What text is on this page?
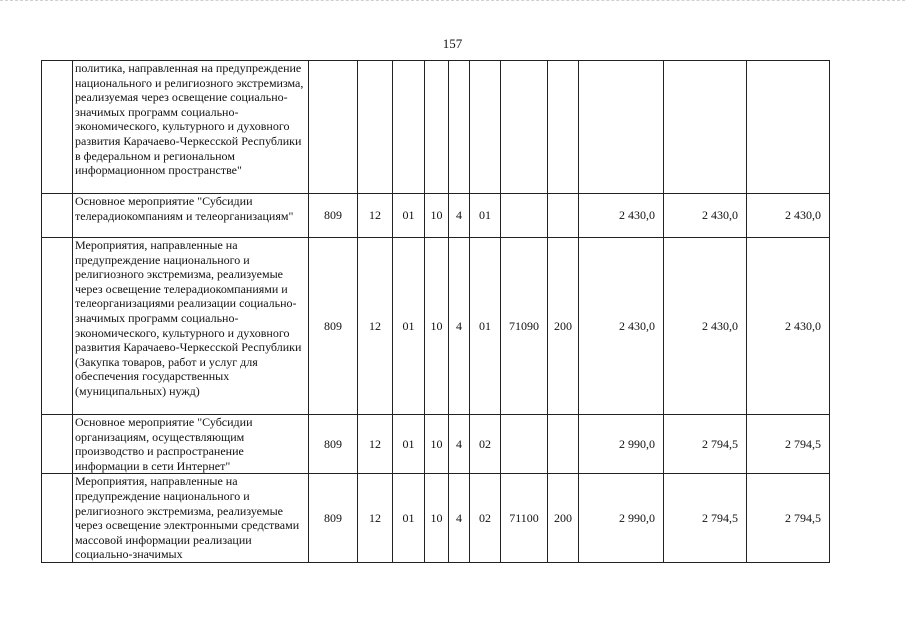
157
	политика, направленная на предупреждение национального и религиозного экстремизма, реализуемая через освещение социально-значимых программ социально-экономического, культурного и духовного развития Карачаево-Черкесской Республики в федеральном и региональном информационном пространстве"											
	Основное мероприятие "Субсидии телерадиокомпаниям и телеорганизациям"	809	12	01	10	4	01			2 430,0	2 430,0	2 430,0
	Мероприятия, направленные на предупреждение национального и религиозного экстремизма, реализуемые через освещение телерадиокомпаниями и телеорганизациями реализации социально-значимых программ социально-экономического, культурного и духовного развития Карачаево-Черкесской Республики (Закупка товаров, работ и услуг для обеспечения государственных (муниципальных) нужд)	809	12	01	10	4	01	71090	200	2 430,0	2 430,0	2 430,0
	Основное мероприятие "Субсидии организациям, осуществляющим производство и распространение информации в сети Интернет"	809	12	01	10	4	02			2 990,0	2 794,5	2 794,5
	Мероприятия, направленные на предупреждение национального и религиозного экстремизма, реализуемые через освещение электронными средствами массовой информации реализации социально-значимых	809	12	01	10	4	02	71100	200	2 990,0	2 794,5	2 794,5
